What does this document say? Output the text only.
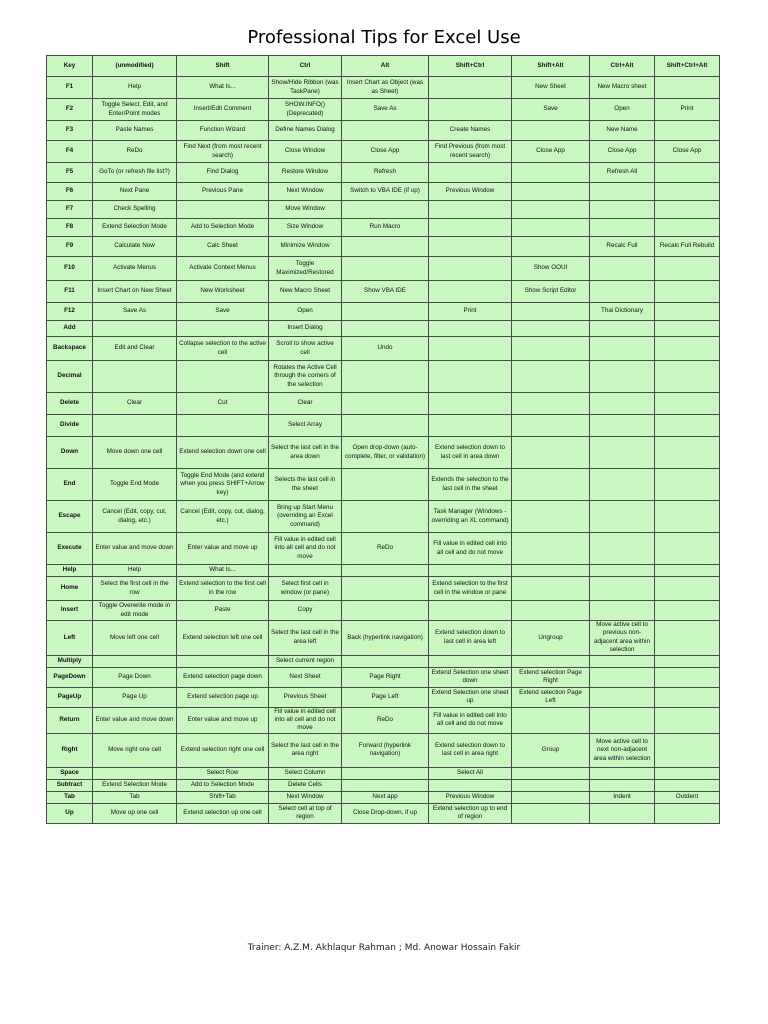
Professional Tips for Excel Use
Key	(unmodified)	Shift	Ctrl	Alt	Shift+Ctrl	Shift+Alt	Ctrl+Alt	Shift+Ctrl+Alt
F1	Help	What Is...	Show/Hide Ribbon (was TaskPane)	Insert Chart as Object (was as Sheet)		New Sheet	New Macro sheet	
F2	Toggle Select, Edit, and Enter/Point modes	Insert/Edit Comment	SHOW.INFO() (Deprecated)	Save As		Save	Open	Print
F3	Paste Names	Function Wizard	Define Names Dialog		Create Names		New Name	
F4	ReDo	Find Next (from most recent search)	Close Window	Close App	Find Previous (from most recent search)	Close App	Close App	Close App
F5	GoTo (or refresh file list?)	Find Dialog	Restore Window	Refresh			Refresh All	
F6	Next Pane	Previous Pane	Next Window	Switch to VBA IDE (if up)	Previous Window			
F7	Check Spelling		Move Window					
F8	Extend Selection Mode	Add to Selection Mode	Size Window	Run Macro				
F9	Calculate Now	Calc Sheet	Minimize Window				Recalc Full	Recalc Full Rebuild
F10	Activate Menus	Activate Context Menus	Toggle Maximized/Restored			Show OOUI		
F11	Insert Chart on New Sheet	New Worksheet	New Macro Sheet	Show VBA IDE		Show Script Editor		
F12	Save As	Save	Open		Print		Thai Dictionary	
Add			Insert Dialog					
Backspace	Edit and Clear	Collapse selection to the active cell	Scroll to show active cell	Undo				
Decimal			Rotates the Active Cell through the corners of the selection					
Delete	Clear	Cut	Clear					
Divide			Select Array					
Down	Move down one cell	Extend selection down one cell	Select the last cell in the area down	Open drop-down (auto-complete, filter, or validation)	Extend selection down to last cell in area down			
End	Toggle End Mode	Toggle End Mode (and extend when you press SHIFT+Arrow key)	Selects the last cell in the sheet		Extends the selection to the last cell in the sheet			
Escape	Cancel (Edit, copy, cut, dialog, etc.)	Cancel (Edit, copy, cut, dialog, etc.)	Bring up Start Menu (overriding an Excel command)		Task Manager (Windows - overriding an XL command)			
Execute	Enter value and move down	Enter value and move up	Fill value in edited cell into all cell and do not move	ReDo	Fill value in edited cell into all cell and do not move			
Help	Help	What Is...						
Home	Select the first cell in the row	Extend selection to the first cell in the row	Select first cell in window (or pane)		Extend selection to the first cell in the window or pane			
Insert	Toggle Overwrite mode in edit mode	Paste	Copy					
Left	Move left one cell	Extend selection left one cell	Select the last cell in the area left	Back (hyperlink navigation)	Extend selection down to last cell in area left	Ungroup	Move active cell to previous non-adjacent area within selection	
Multiply			Select current region					
PageDown	Page Down	Extend selection page down	Next Sheet	Page Right	Extend Selection one sheet down	Extend selection Page Right		
PageUp	Page Up	Extend selection page up	Previous Sheet	Page Left	Extend Selection one sheet up	Extend selection Page Left		
Return	Enter value and move down	Enter value and move up	Fill value in edited cell into all cell and do not move	ReDo	Fill value in edited cell into all cell and do not move			
Right	Move right one cell	Extend selection right one cell	Select the last cell in the area right	Forward (hyperlink navigation)	Extend selection down to last cell in area right	Group	Move active cell to next non-adjacent area within selection	
Space		Select Row	Select Column		Select All			
Subtract	Extend Selection Mode	Add to Selection Mode	Delete Cells					
Tab	Tab	Shift+Tab	Next Window	Next app	Previous Window		Indent	Outdent
Up	Move up one cell	Extend selection up one cell	Select cell at top of region	Close Drop-down, if up	Extend selection up to end of region			
Trainer: A.Z.M. Akhlaqur Rahman ; Md. Anowar Hossain Fakir
